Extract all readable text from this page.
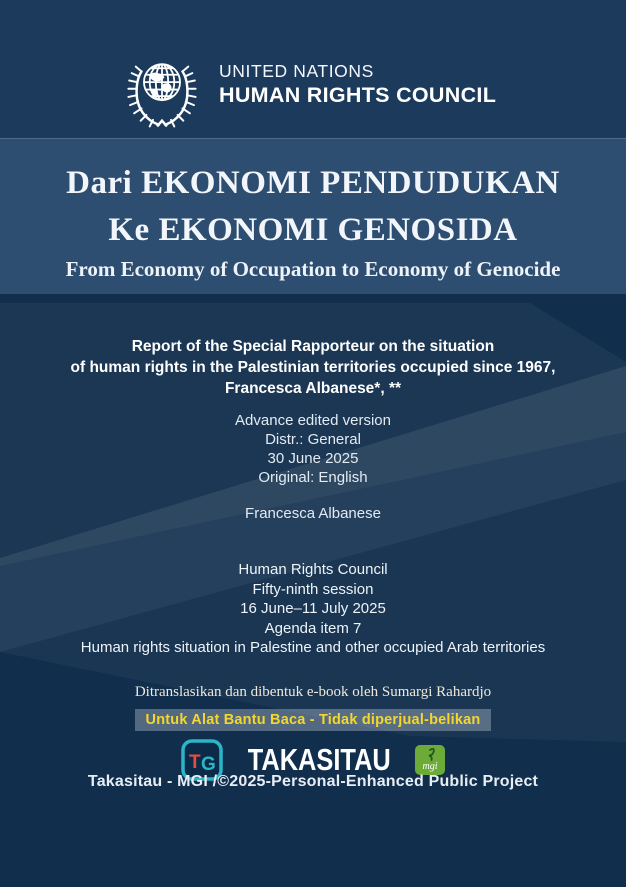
UNITED NATIONS
HUMAN RIGHTS COUNCIL
Dari EKONOMI PENDUDUKAN
Ke EKONOMI GENOSIDA
From Economy of Occupation to Economy of Genocide
Report of the Special Rapporteur on the situation
of human rights in the Palestinian territories occupied since 1967,
Francesca Albanese*, **
Advance edited version
Distr.: General
30 June 2025
Original: English
Francesca Albanese
Human Rights Council
Fifty-ninth session
16 June–11 July 2025
Agenda item 7
Human rights situation in Palestine and other occupied Arab territories
Ditranslasikan dan dibentuk e-book oleh Sumargi Rahardjo
Untuk Alat Bantu Baca - Tidak diperjual-belikan
T G TAKASITAU	mgi
Takasitau - MGI /©2025-Personal-Enhanced Public Project
